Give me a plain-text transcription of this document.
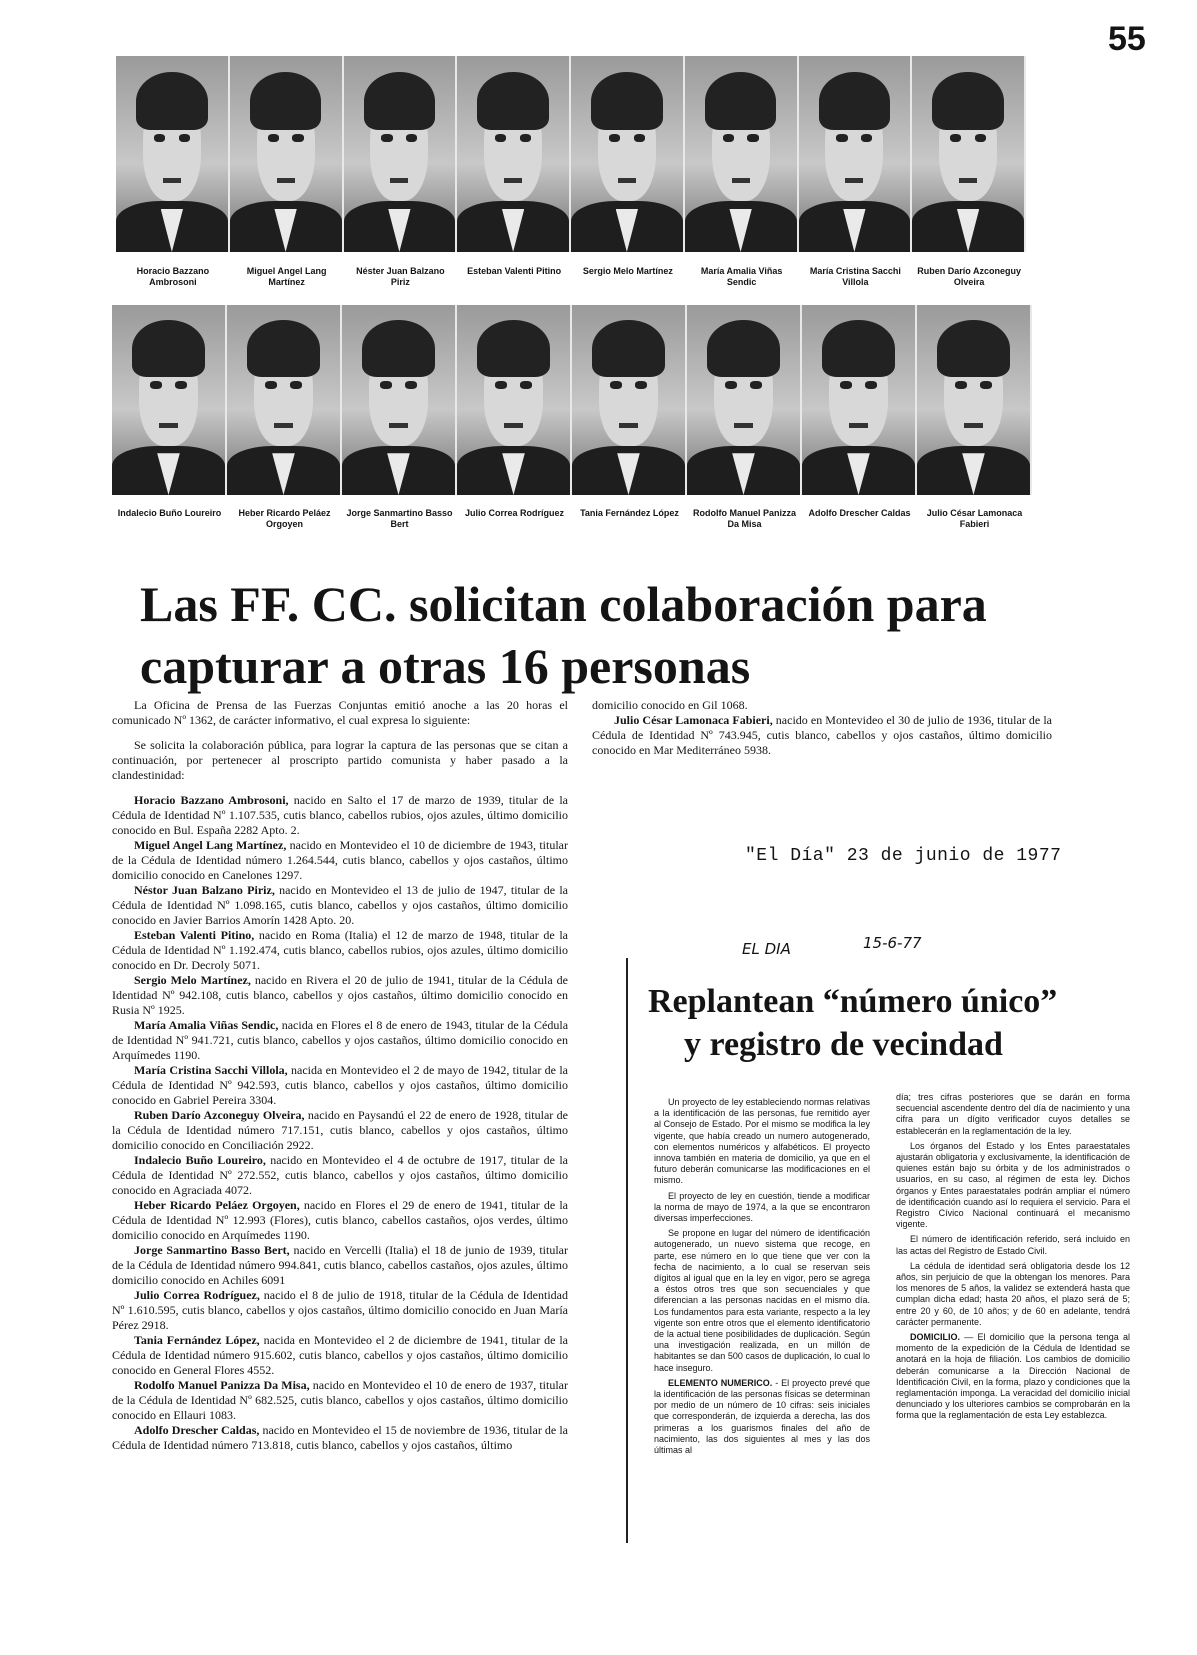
55
Horacio Bazzano Ambrosoni
Miguel Angel Lang Martínez
Néster Juan Balzano Piriz
Esteban Valenti Pitino	Sergio Melo Martínez	María Amalia Viñas Sendic
María Cristina Sacchi Villola
Ruben Darío Azconeguy Olveira
Indalecio Buño Loureiro	Heber Ricardo Peláez Orgoyen
Jorge Sanmartino Basso Bert
Julio Correa Rodríguez	Tania Fernández López	Rodolfo Manuel Panizza Da Misa
Adolfo Drescher Caldas	Julio César Lamonaca Fabieri
Las FF. CC. solicitan colaboración para capturar a otras 16 personas

La Oficina de Prensa de las Fuerzas Conjuntas emitió anoche a las 20 horas el comunicado Nº 1362, de carácter informativo, el cual expresa lo siguiente:

Se solicita la colaboración pública, para lograr la captura de las personas que se citan a continuación, por pertenecer al proscripto partido comunista y haber pasado a la clandestinidad:

Horacio Bazzano Ambrosoni, nacido en Salto el 17 de marzo de 1939, titular de la Cédula de Identidad Nº 1.107.535, cutis blanco, cabellos rubios, ojos azules, último domicilio conocido en Bul. España 2282 Apto. 2.

Miguel Angel Lang Martínez, nacido en Montevideo el 10 de diciembre de 1943, titular de la Cédula de Identidad número 1.264.544, cutis blanco, cabellos y ojos castaños, último domicilio conocido en Canelones 1297.

Néstor Juan Balzano Piriz, nacido en Montevideo el 13 de julio de 1947, titular de la Cédula de Identidad Nº 1.098.165, cutis blanco, cabellos y ojos castaños, último domicilio conocido en Javier Barrios Amorín 1428 Apto. 20.

Esteban Valenti Pitino, nacido en Roma (Italia) el 12 de marzo de 1948, titular de la Cédula de Identidad Nº 1.192.474, cutis blanco, cabellos rubios, ojos azules, último domicilio conocido en Dr. Decroly 5071.

Sergio Melo Martínez, nacido en Rivera el 20 de julio de 1941, titular de la Cédula de Identidad Nº 942.108, cutis blanco, cabellos y ojos castaños, último domicilio conocido en Rusia Nº 1925.

María Amalia Viñas Sendic, nacida en Flores el 8 de enero de 1943, titular de la Cédula de Identidad Nº 941.721, cutis blanco, cabellos y ojos castaños, último domicilio conocido en Arquímedes 1190.

María Cristina Sacchi Villola, nacida en Montevideo el 2 de mayo de 1942, titular de la Cédula de Identidad Nº 942.593, cutis blanco, cabellos y ojos castaños, último domicilio conocido en Gabriel Pereira 3304.

Ruben Darío Azconeguy Olveira, nacido en Paysandú el 22 de enero de 1928, titular de la Cédula de Identidad número 717.151, cutis blanco, cabellos y ojos castaños, último domicilio conocido en Conciliación 2922.

Indalecio Buño Loureiro, nacido en Montevideo el 4 de octubre de 1917, titular de la Cédula de Identidad Nº 272.552, cutis blanco, cabellos y ojos castaños, último domicilio conocido en Agraciada 4072.

Heber Ricardo Peláez Orgoyen, nacido en Flores el 29 de enero de 1941, titular de la Cédula de Identidad Nº 12.993 (Flores), cutis blanco, cabellos castaños, ojos verdes, último domicilio conocido en Arquímedes 1190.

Jorge Sanmartino Basso Bert, nacido en Vercelli (Italia) el 18 de junio de 1939, titular de la Cédula de Identidad número 994.841, cutis blanco, cabellos castaños, ojos azules, último domicilio conocido en Achiles 6091

Julio Correa Rodríguez, nacido el 8 de julio de 1918, titular de la Cédula de Identidad Nº 1.610.595, cutis blanco, cabellos y ojos castaños, último domicilio conocido en Juan María Pérez 2918.

Tania Fernández López, nacida en Montevideo el 2 de diciembre de 1941, titular de la Cédula de Identidad número 915.602, cutis blanco, cabellos y ojos castaños, último domicilio conocido en General Flores 4552.

Rodolfo Manuel Panizza Da Misa, nacido en Montevideo el 10 de enero de 1937, titular de la Cédula de Identidad Nº 682.525, cutis blanco, cabellos y ojos castaños, último domicilio conocido en Ellauri 1083.

Adolfo Drescher Caldas, nacido en Montevideo el 15 de noviembre de 1936, titular de la Cédula de Identidad número 713.818, cutis blanco, cabellos y ojos castaños, último

domicilio conocido en Gil 1068.

Julio César Lamonaca Fabieri, nacido en Montevideo el 30 de julio de 1936, titular de la Cédula de Identidad Nº 743.945, cutis blanco, cabellos y ojos castaños, último domicilio conocido en Mar Mediterráneo 5938.

"El Día" 23 de junio de 1977
EL DIA	15-6-77
Replantean “número único”
y registro de vecindad

Un proyecto de ley estableciendo normas relativas a la identificación de las personas, fue remitido ayer al Consejo de Estado. Por el mismo se modifica la ley vigente, que había creado un numero autogenerado, con elementos numéricos y alfabéticos. El proyecto innova también en materia de domicilio, ya que en el futuro deberán comunicarse las modificaciones en el mismo.

El proyecto de ley en cuestión, tiende a modificar la norma de mayo de 1974, a la que se encontraron diversas imperfecciones.

Se propone en lugar del número de identificación autogenerado, un nuevo sistema que recoge, en parte, ese número en lo que tiene que ver con la fecha de nacimiento, a lo cual se reservan seis dígitos al igual que en la ley en vigor, pero se agrega a éstos otros tres que son secuenciales y que diferencian a las personas nacidas en el mismo día. Los fundamentos para esta variante, respecto a la ley vigente son entre otros que el elemento identificatorio de la actual tiene posibilidades de duplicación. Según una investigación realizada, en un millón de habitantes se dan 500 casos de duplicación, lo cual lo hace inseguro.

ELEMENTO NUMERICO. - El proyecto prevé que la identificación de las personas físicas se determinan por medio de un número de 10 cifras: seis iniciales que corresponderán, de izquierda a derecha, las dos primeras a los guarismos finales del año de nacimiento, las dos siguientes al mes y las dos últimas al

día; tres cifras posteriores que se darán en forma secuencial ascendente dentro del día de nacimiento y una cifra para un dígito verificador cuyos detalles se establecerán en la reglamentación de la ley.

Los órganos del Estado y los Entes paraestatales ajustarán obligatoria y exclusivamente, la identificación de quienes están bajo su órbita y de los administrados o usuarios, en su caso, al régimen de esta ley. Dichos órganos y Entes paraestatales podrán ampliar el número de identificación cuando así lo requiera el servicio. Para el Registro Cívico Nacional continuará el mecanismo vigente.

El número de identificación referido, será incluido en las actas del Registro de Estado Civil.

La cédula de identidad será obligatoria desde los 12 años, sin perjuicio de que la obtengan los menores. Para los menores de 5 años, la validez se extenderá hasta que cumplan dicha edad; hasta 20 años, el plazo será de 5; entre 20 y 60, de 10 años; y de 60 en adelante, tendrá carácter permanente.

DOMICILIO. — El domicilio que la persona tenga al momento de la expedición de la Cédula de Identidad se anotará en la hoja de filiación. Los cambios de domicilio deberán comunicarse a la Dirección Nacional de Identificación Civil, en la forma, plazo y condiciones que la reglamentación imponga. La veracidad del domicilio inicial denunciado y los ulteriores cambios se comprobarán en la forma que la reglamentación de esta Ley establezca.
